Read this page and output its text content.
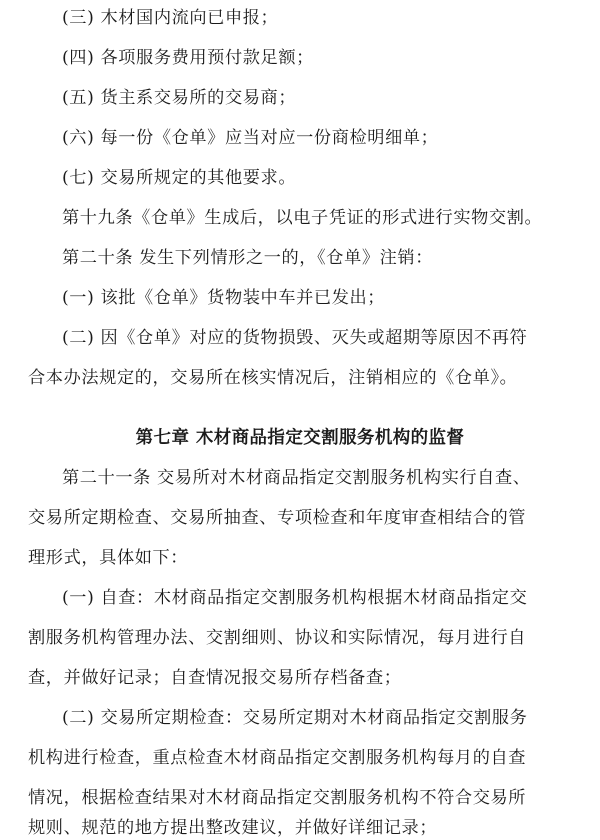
(三) 木材国内流向已申报；
(四) 各项服务费用预付款足额；
(五) 货主系交易所的交易商；
(六) 每一份《仓单》应当对应一份商检明细单；
(七) 交易所规定的其他要求。
第十九条《仓单》生成后，以电子凭证的形式进行实物交割。
第二十条 发生下列情形之一的，《仓单》注销：
(一) 该批《仓单》货物装中车并已发出；
(二) 因《仓单》对应的货物损毁、灭失或超期等原因不再符
合本办法规定的，交易所在核实情况后，注销相应的《仓单》。
第七章 木材商品指定交割服务机构的监督
第二十一条 交易所对木材商品指定交割服务机构实行自查、
交易所定期检查、交易所抽查、专项检查和年度审查相结合的管
理形式，具体如下：
(一) 自查：木材商品指定交割服务机构根据木材商品指定交
割服务机构管理办法、交割细则、协议和实际情况，每月进行自
查，并做好记录；自查情况报交易所存档备查；
(二) 交易所定期检查：交易所定期对木材商品指定交割服务
机构进行检查，重点检查木材商品指定交割服务机构每月的自查
情况，根据检查结果对木材商品指定交割服务机构不符合交易所
规则、规范的地方提出整改建议，并做好详细记录；
